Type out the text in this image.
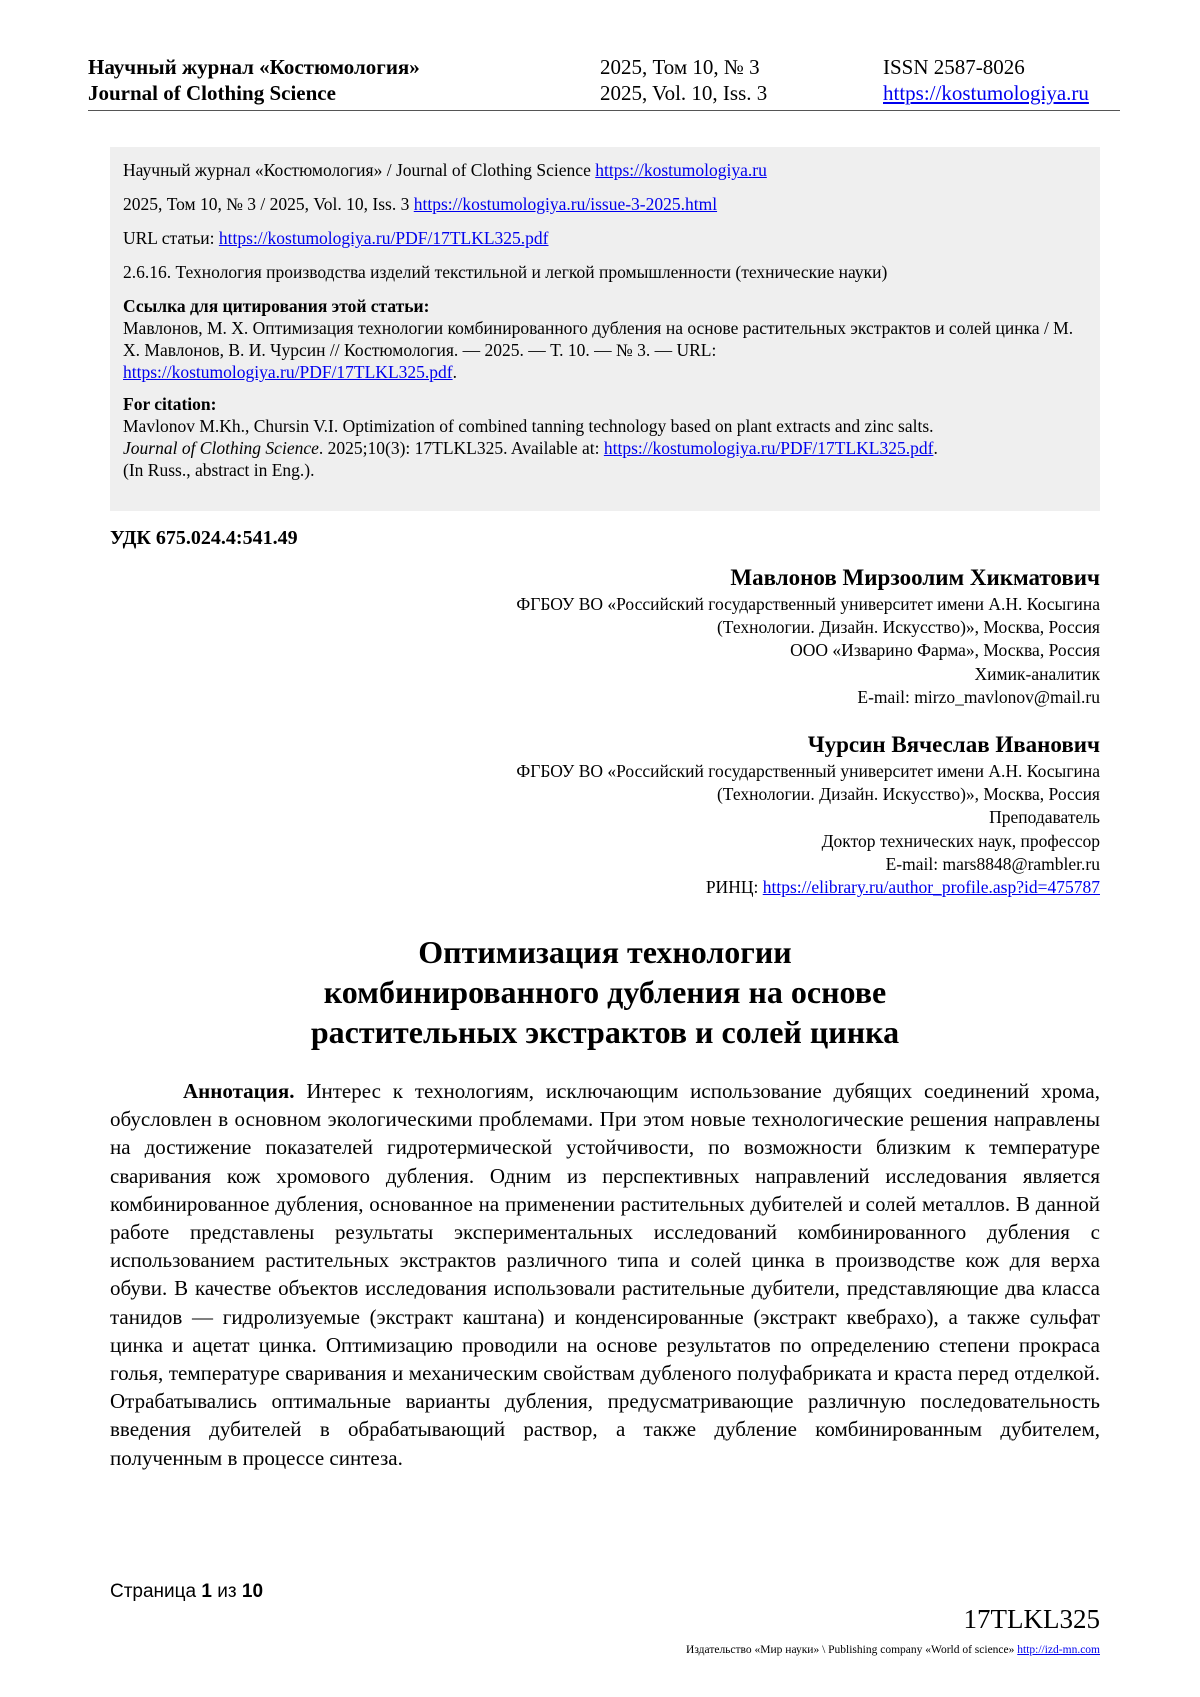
Научный журнал «Костюмология»
Journal of Clothing Science
2025, Том 10, № 3
2025, Vol. 10, Iss. 3
ISSN 2587-8026
https://kostumologiya.ru

Научный журнал «Костюмология» / Journal of Clothing Science https://kostumologiya.ru

2025, Том 10, № 3 / 2025, Vol. 10, Iss. 3 https://kostumologiya.ru/issue-3-2025.html

URL статьи: https://kostumologiya.ru/PDF/17TLKL325.pdf

2.6.16. Технология производства изделий текстильной и легкой промышленности (технические науки)

Ссылка для цитирования этой статьи:
Мавлонов, М. Х. Оптимизация технологии комбинированного дубления на основе растительных экстрактов и солей цинка / М. Х. Мавлонов, В. И. Чурсин // Костюмология. — 2025. — Т. 10. — № 3. — URL:
https://kostumologiya.ru/PDF/17TLKL325.pdf.
For citation:
Mavlonov M.Kh., Chursin V.I. Optimization of combined tanning technology based on plant extracts and zinc salts.
Journal of Clothing Science. 2025;10(3): 17TLKL325. Available at: https://kostumologiya.ru/PDF/17TLKL325.pdf.
(In Russ., abstract in Eng.).
УДК 675.024.4:541.49
Мавлонов Мирзоолим Хикматович
ФГБОУ ВО «Российский государственный университет имени А.Н. Косыгина
(Технологии. Дизайн. Искусство)», Москва, Россия
ООО «Изварино Фарма», Москва, Россия
Химик-аналитик
E-mail: mirzo_mavlonov@mail.ru
Чурсин Вячеслав Иванович
ФГБОУ ВО «Российский государственный университет имени А.Н. Косыгина
(Технологии. Дизайн. Искусство)», Москва, Россия
Преподаватель
Доктор технических наук, профессор
E-mail: mars8848@rambler.ru
РИНЦ: https://elibrary.ru/author_profile.asp?id=475787
Оптимизация технологии
комбинированного дубления на основе
растительных экстрактов и солей цинка
Аннотация. Интерес к технологиям, исключающим использование дубящих соединений хрома, обусловлен в основном экологическими проблемами. При этом новые технологические решения направлены на достижение показателей гидротермической устойчивости, по возможности близким к температуре сваривания кож хромового дубления. Одним из перспективных направлений исследования является комбинированное дубления, основанное на применении растительных дубителей и солей металлов. В данной работе представлены результаты экспериментальных исследований комбинированного дубления с использованием растительных экстрактов различного типа и солей цинка в производстве кож для верха обуви. В качестве объектов исследования использовали растительные дубители, представляющие два класса танидов — гидролизуемые (экстракт каштана) и конденсированные (экстракт квебрахо), а также сульфат цинка и ацетат цинка. Оптимизацию проводили на основе результатов по определению степени прокраса голья, температуре сваривания и механическим свойствам дубленого полуфабриката и краста перед отделкой. Отрабатывались оптимальные варианты дубления, предусматривающие различную последовательность введения дубителей в обрабатывающий раствор, а также дубление комбинированным дубителем, полученным в процессе синтеза.
Страница 1 из 10
17TLKL325
Издательство «Мир науки» \ Publishing company «World of science» http://izd-mn.com
